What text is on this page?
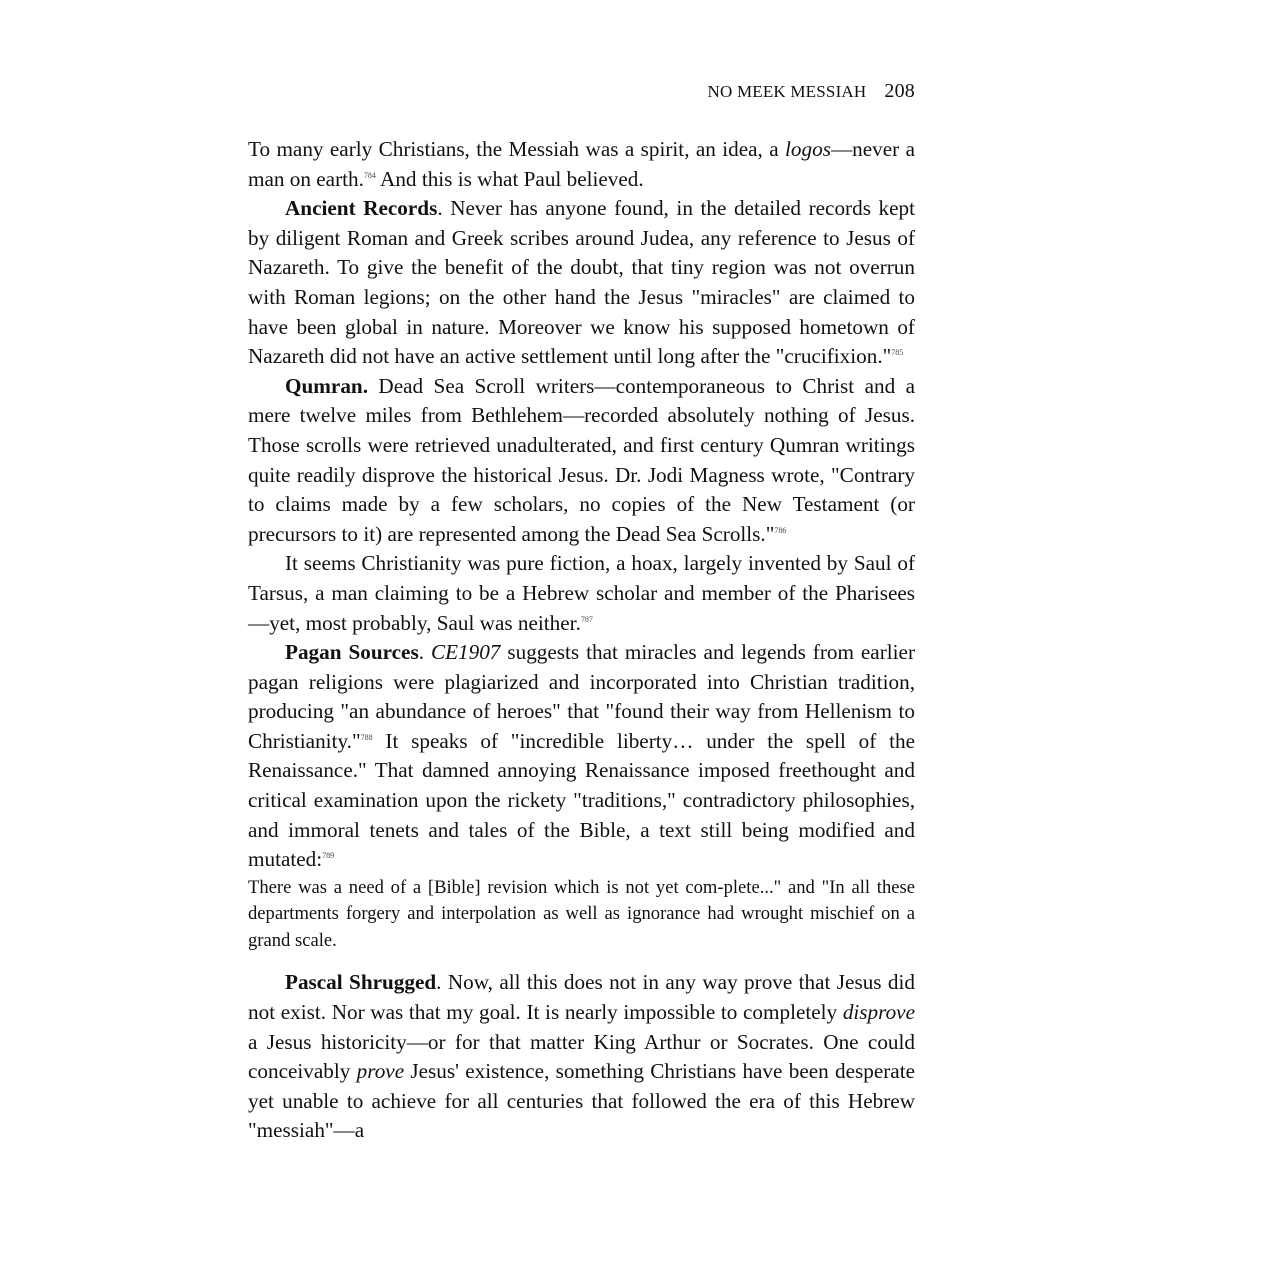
NO MEEK MESSIAH 208

To many early Christians, the Messiah was a spirit, an idea, a logos—never a man on earth.$^{784}$ And this is what Paul believed.

Ancient Records. Never has anyone found, in the detailed records kept by diligent Roman and Greek scribes around Judea, any reference to Jesus of Nazareth. To give the benefit of the doubt, that tiny region was not overrun with Roman legions; on the other hand the Jesus "miracles" are claimed to have been global in nature. Moreover we know his supposed hometown of Nazareth did not have an active settlement until long after the "crucifixion."$^{785}$

Qumran. Dead Sea Scroll writers—contemporaneous to Christ and a mere twelve miles from Bethlehem—recorded absolutely nothing of Jesus. Those scrolls were retrieved unadulterated, and first century Qumran writings quite readily disprove the historical Jesus. Dr. Jodi Magness wrote, "Contrary to claims made by a few scholars, no copies of the New Testament (or precursors to it) are represented among the Dead Sea Scrolls."$^{786}$

It seems Christianity was pure fiction, a hoax, largely invented by Saul of Tarsus, a man claiming to be a Hebrew scholar and member of the Pharisees—yet, most probably, Saul was neither.$^{787}$

Pagan Sources. CE1907 suggests that miracles and legends from earlier pagan religions were plagiarized and incorporated into Christian tradition, producing "an abundance of heroes" that "found their way from Hellenism to Christianity."$^{788}$ It speaks of "incredible liberty… under the spell of the Renaissance." That damned annoying Renaissance imposed freethought and critical examination upon the rickety "traditions," contradictory philosophies, and immoral tenets and tales of the Bible, a text still being modified and mutated:$^{789}$

There was a need of a [Bible] revision which is not yet com-plete..." and "In all these departments forgery and interpolation as well as ignorance had wrought mischief on a grand scale.

Pascal Shrugged. Now, all this does not in any way prove that Jesus did not exist. Nor was that my goal. It is nearly impossible to completely disprove a Jesus historicity—or for that matter King Arthur or Socrates. One could conceivably prove Jesus' existence, something Christians have been desperate yet unable to achieve for all centuries that followed the era of this Hebrew "messiah"—a
